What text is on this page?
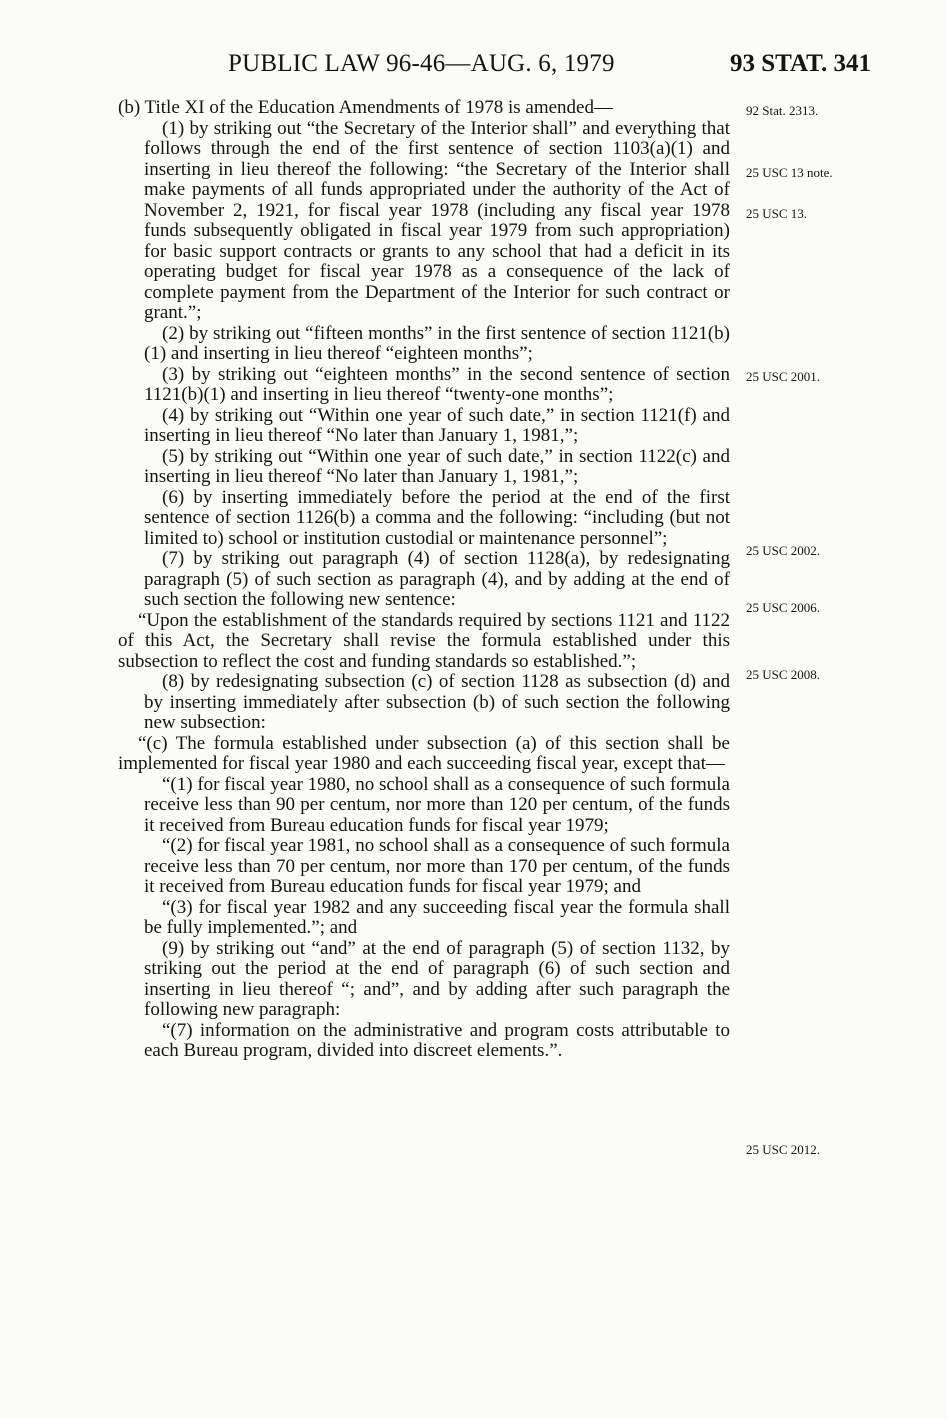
PUBLIC LAW 96-46—AUG. 6, 1979	93 STAT. 341

(b) Title XI of the Education Amendments of 1978 is amended—

(1) by striking out “the Secretary of the Interior shall” and everything that follows through the end of the first sentence of section 1103(a)(1) and inserting in lieu thereof the following: “the Secretary of the Interior shall make payments of all funds appropriated under the authority of the Act of November 2, 1921, for fiscal year 1978 (including any fiscal year 1978 funds subsequently obligated in fiscal year 1979 from such appropriation) for basic support contracts or grants to any school that had a deficit in its operating budget for fiscal year 1978 as a consequence of the lack of complete payment from the Department of the Interior for such contract or grant.”;

(2) by striking out “fifteen months” in the first sentence of section 1121(b)(1) and inserting in lieu thereof “eighteen months”;

(3) by striking out “eighteen months” in the second sentence of section 1121(b)(1) and inserting in lieu thereof “twenty-one months”;

(4) by striking out “Within one year of such date,” in section 1121(f) and inserting in lieu thereof “No later than January 1, 1981,”;

(5) by striking out “Within one year of such date,” in section 1122(c) and inserting in lieu thereof “No later than January 1, 1981,”;

(6) by inserting immediately before the period at the end of the first sentence of section 1126(b) a comma and the following: “including (but not limited to) school or institution custodial or maintenance personnel”;

(7) by striking out paragraph (4) of section 1128(a), by redesignating paragraph (5) of such section as paragraph (4), and by adding at the end of such section the following new sentence:

“Upon the establishment of the standards required by sections 1121 and 1122 of this Act, the Secretary shall revise the formula established under this subsection to reflect the cost and funding standards so established.”;

(8) by redesignating subsection (c) of section 1128 as subsection (d) and by inserting immediately after subsection (b) of such section the following new subsection:

“(c) The formula established under subsection (a) of this section shall be implemented for fiscal year 1980 and each succeeding fiscal year, except that—

“(1) for fiscal year 1980, no school shall as a consequence of such formula receive less than 90 per centum, nor more than 120 per centum, of the funds it received from Bureau education funds for fiscal year 1979;

“(2) for fiscal year 1981, no school shall as a consequence of such formula receive less than 70 per centum, nor more than 170 per centum, of the funds it received from Bureau education funds for fiscal year 1979; and

“(3) for fiscal year 1982 and any succeeding fiscal year the formula shall be fully implemented.”; and

(9) by striking out “and” at the end of paragraph (5) of section 1132, by striking out the period at the end of paragraph (6) of such section and inserting in lieu thereof “; and”, and by adding after such paragraph the following new paragraph:

“(7) information on the administrative and program costs attributable to each Bureau program, divided into discreet elements.”.

92 Stat. 2313.
25 USC 13 note.
25 USC 13.
25 USC 2001.
25 USC 2002.
25 USC 2006.
25 USC 2008.
25 USC 2012.
